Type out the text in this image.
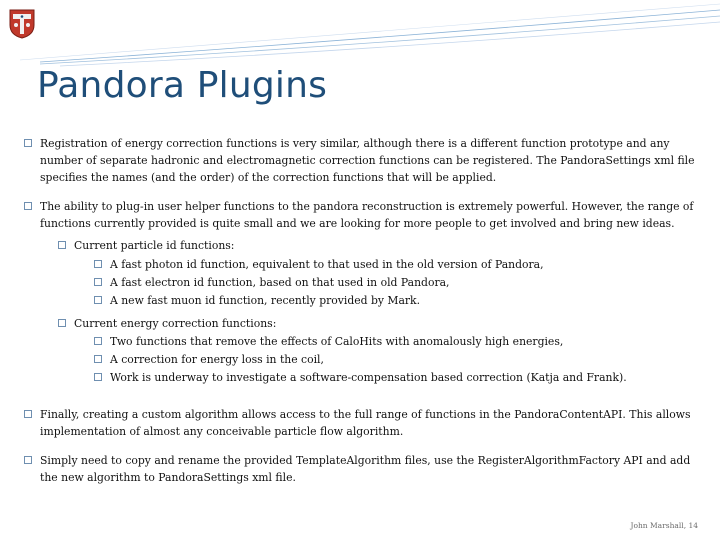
Pandora Plugins
Registration of energy correction functions is very similar, although there is a different function prototype and any number of separate hadronic and electromagnetic correction functions can be registered. The PandoraSettings xml file specifies the names (and the order) of the correction functions that will be applied.
The ability to plug-in user helper functions to the pandora reconstruction is extremely powerful. However, the range of functions currently provided is quite small and we are looking for more people to get involved and bring new ideas.
Current particle id functions:
A fast photon id function, equivalent to that used in the old version of Pandora,
A fast electron id function, based on that used in old Pandora,
A new fast muon id function, recently provided by Mark.
Current energy correction functions:
Two functions that remove the effects of CaloHits with anomalously high energies,
A correction for energy loss in the coil,
Work is underway to investigate a software-compensation based correction (Katja and Frank).
Finally, creating a custom algorithm allows access to the full range of functions in the PandoraContentAPI. This allows implementation of almost any conceivable particle flow algorithm.
Simply need to copy and rename the provided TemplateAlgorithm files, use the RegisterAlgorithmFactory API and add the new algorithm to PandoraSettings xml file.
John Marshall, 14
